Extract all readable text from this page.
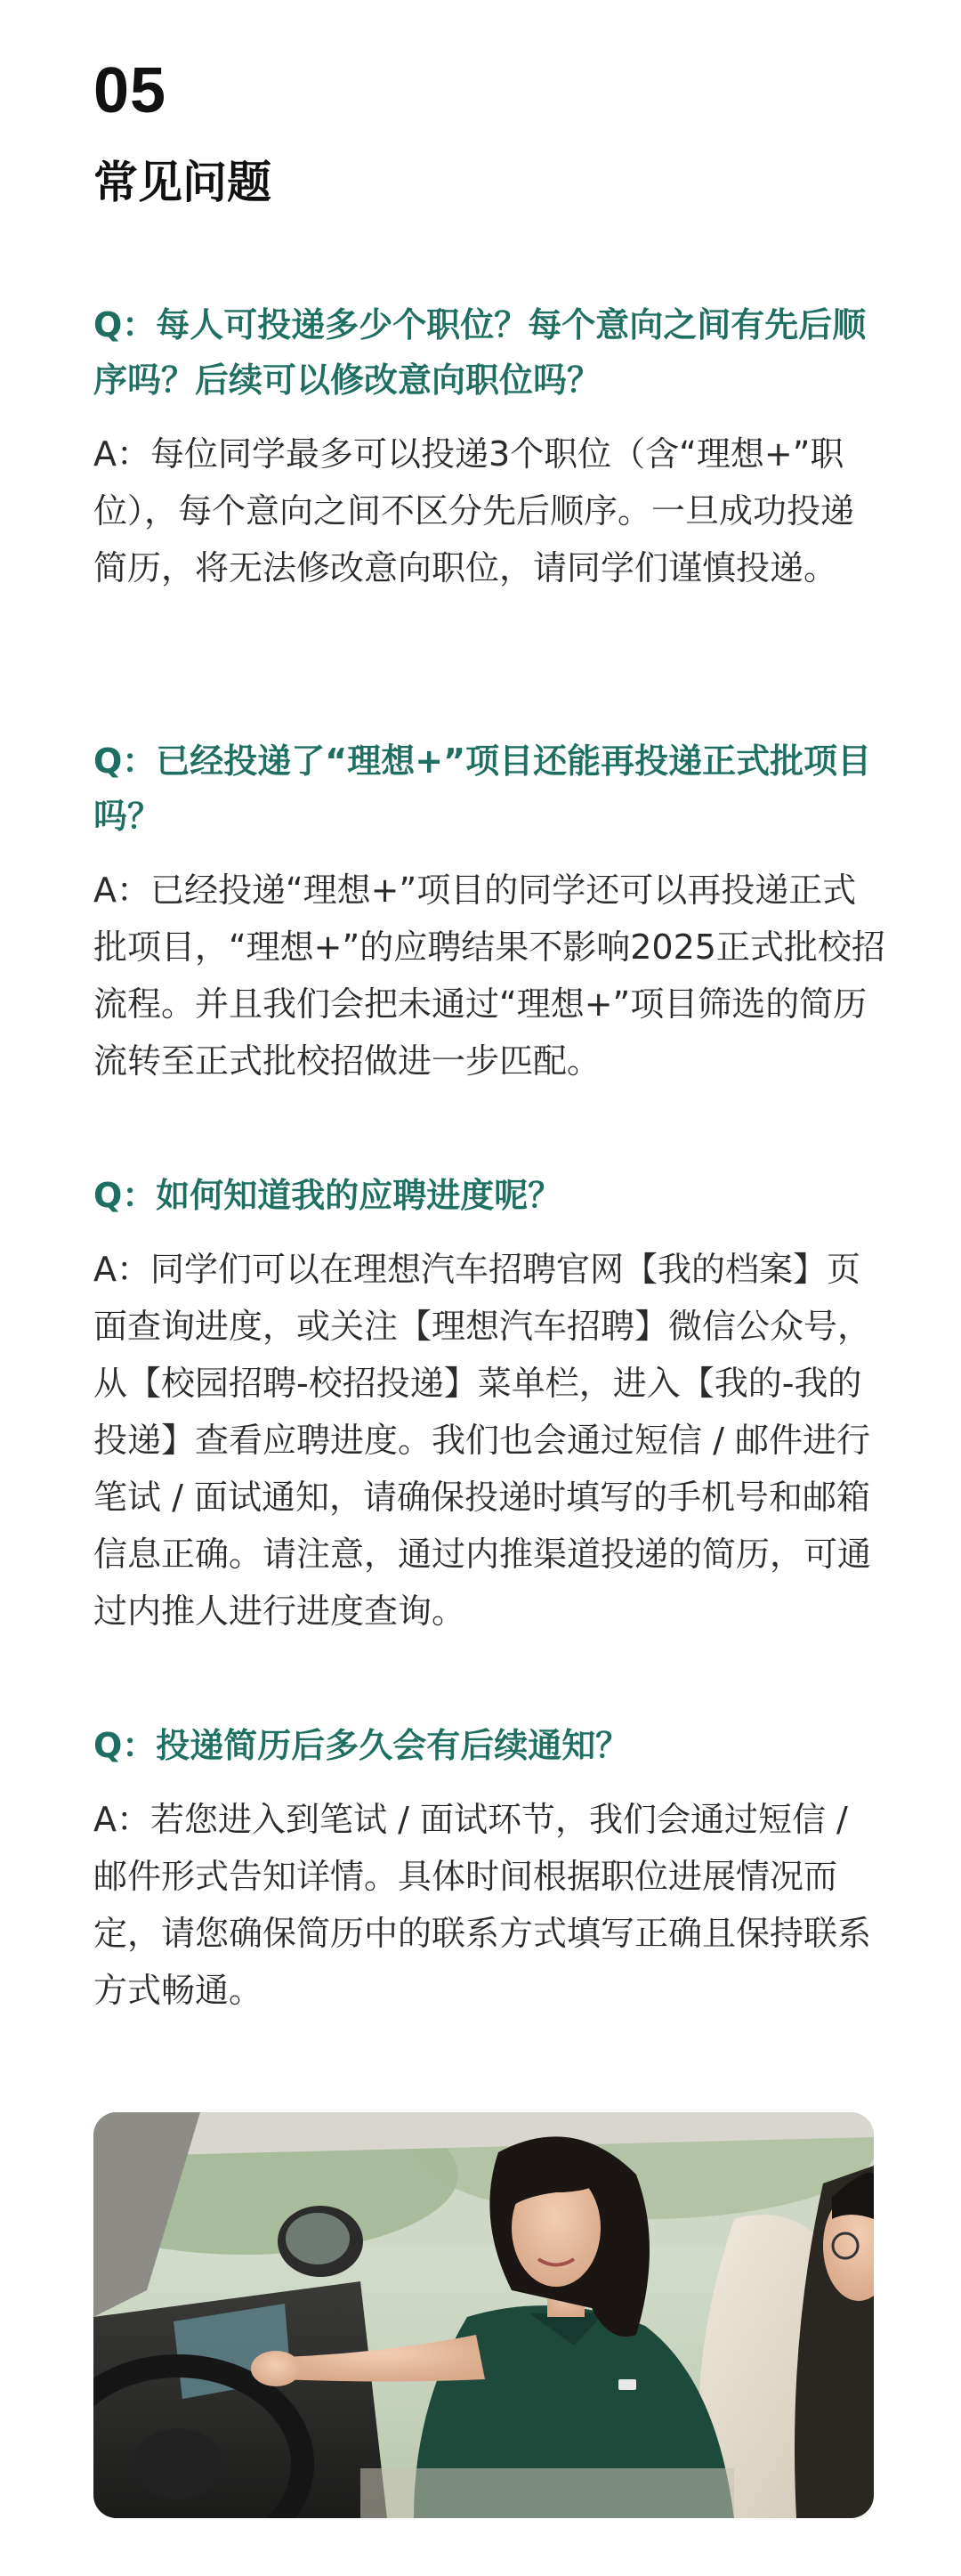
05
常见问题

Q：每人可投递多少个职位？每个意向之间有先后顺序吗？后续可以修改意向职位吗？

A：每位同学最多可以投递3个职位（含“理想+”职位），每个意向之间不区分先后顺序。一旦成功投递简历，将无法修改意向职位，请同学们谨慎投递。

Q：已经投递了“理想+”项目还能再投递正式批项目吗？

A：已经投递“理想+”项目的同学还可以再投递正式批项目，“理想+”的应聘结果不影响2025正式批校招流程。并且我们会把未通过“理想+”项目筛选的简历流转至正式批校招做进一步匹配。

Q：如何知道我的应聘进度呢？

A：同学们可以在理想汽车招聘官网【我的档案】页面查询进度，或关注【理想汽车招聘】微信公众号，从【校园招聘-校招投递】菜单栏，进入【我的-我的投递】查看应聘进度。我们也会通过短信 / 邮件进行笔试 / 面试通知，请确保投递时填写的手机号和邮箱信息正确。请注意，通过内推渠道投递的简历，可通过内推人进行进度查询。

Q：投递简历后多久会有后续通知？

A：若您进入到笔试 / 面试环节，我们会通过短信 / 邮件形式告知详情。具体时间根据职位进展情况而定，请您确保简历中的联系方式填写正确且保持联系方式畅通。
